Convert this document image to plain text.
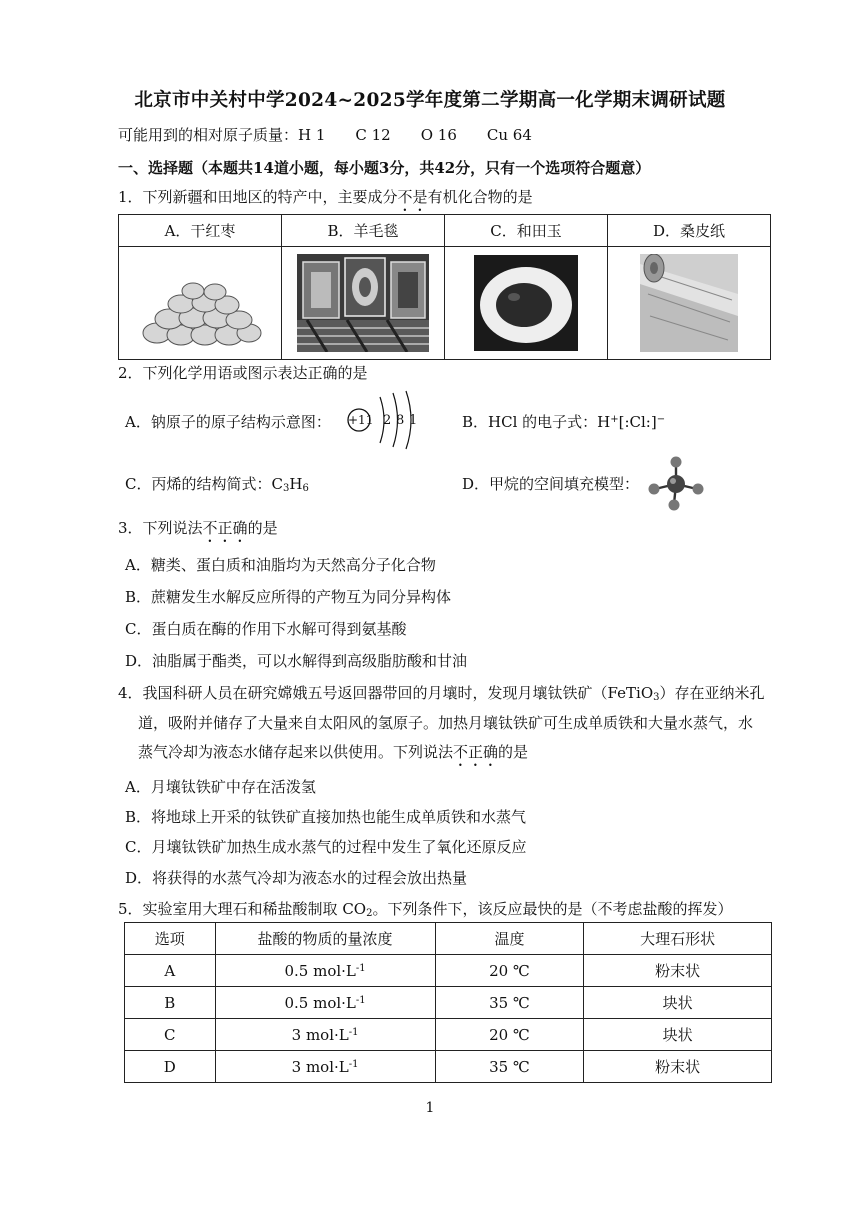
北京市中关村中学2024~2025学年度第二学期高一化学期末调研试题
可能用到的相对原子质量：H 1　　C 12　　O 16　　Cu 64
一、选择题（本题共14道小题，每小题3分，共42分，只有一个选项符合题意）
1．下列新疆和田地区的特产中，主要成分不是有机化合物的是
A．干红枣	B．羊毛毯	C．和田玉	D．桑皮纸

2．下列化学用语或图示表达正确的是
A．钠原子的原子结构示意图： +11 2 8 1	B．HCl 的电子式：H+[:Cl:]−
C．丙烯的结构简式：$C_3H_6$	D．甲烷的空间填充模型：
3．下列说法不正确的是
A．糖类、蛋白质和油脂均为天然高分子化合物
B．蔗糖发生水解反应所得的产物互为同分异构体
C．蛋白质在酶的作用下水解可得到氨基酸
D．油脂属于酯类，可以水解得到高级脂肪酸和甘油
4．我国科研人员在研究嫦娥五号返回器带回的月壤时，发现月壤钛铁矿（FeTiO$_3$）存在亚纳米孔
道，吸附并储存了大量来自太阳风的氢原子。加热月壤钛铁矿可生成单质铁和大量水蒸气，水
蒸气冷却为液态水储存起来以供使用。下列说法不正确的是
A．月壤钛铁矿中存在活泼氢
B．将地球上开采的钛铁矿直接加热也能生成单质铁和水蒸气
C．月壤钛铁矿加热生成水蒸气的过程中发生了氧化还原反应
D．将获得的水蒸气冷却为液态水的过程会放出热量
5．实验室用大理石和稀盐酸制取 $CO_2$。下列条件下，该反应最快的是（不考虑盐酸的挥发）
选项	盐酸的物质的量浓度	温度	大理石形状
A	0.5 $mol\cdot L^{-1}$	20 ℃	粉末状
B	0.5 $mol\cdot L^{-1}$	35 ℃	块状
C	3 $mol\cdot L^{-1}$	20 ℃	块状
D	3 $mol\cdot L^{-1}$	35 ℃	粉末状
1
